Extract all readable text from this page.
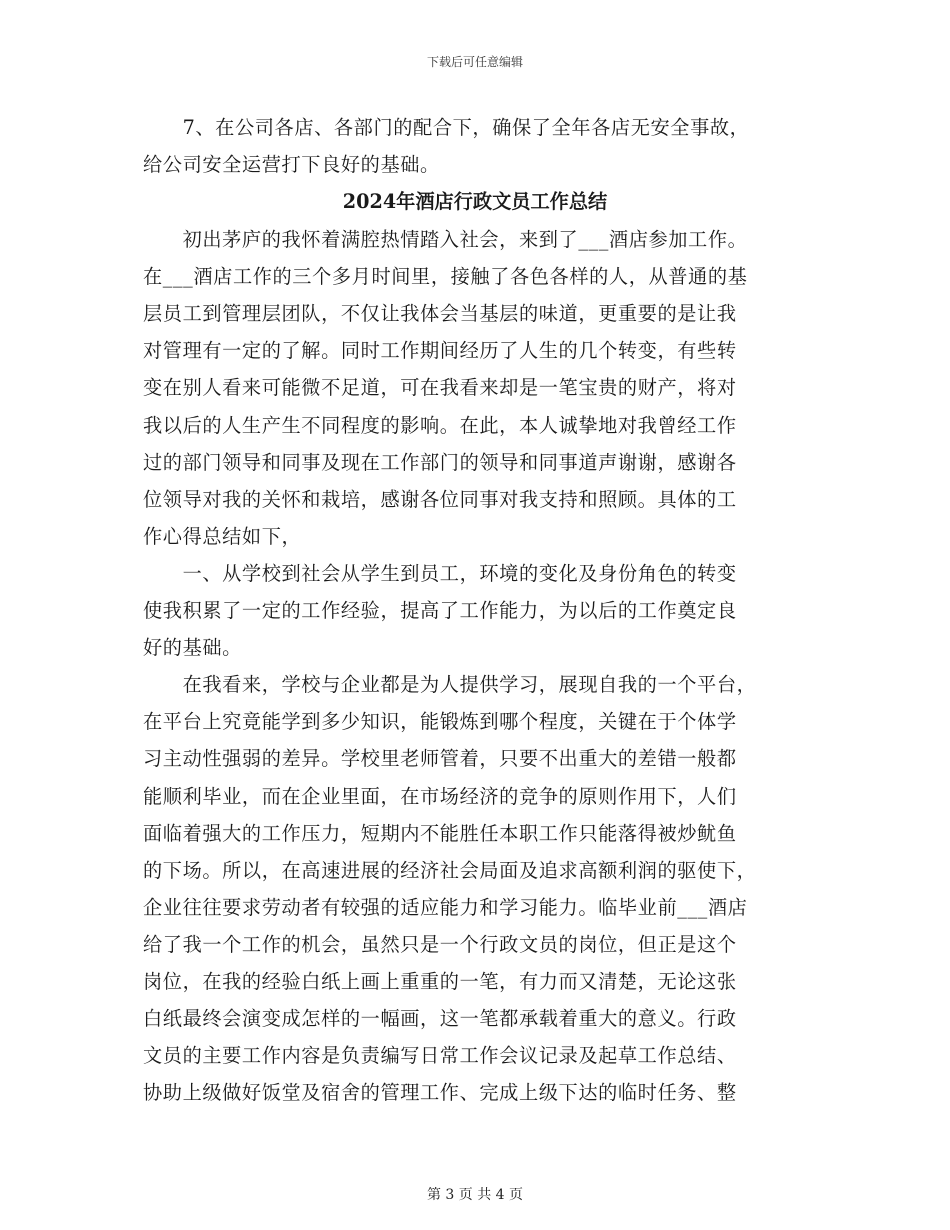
下载后可任意编辑
　　7、在公司各店、各部门的配合下，确保了全年各店无安全事故，
给公司安全运营打下良好的基础。
2024年酒店行政文员工作总结
　　初出茅庐的我怀着满腔热情踏入社会，来到了___酒店参加工作。
在___酒店工作的三个多月时间里，接触了各色各样的人，从普通的基
层员工到管理层团队，不仅让我体会当基层的味道，更重要的是让我
对管理有一定的了解。同时工作期间经历了人生的几个转变，有些转
变在别人看来可能微不足道，可在我看来却是一笔宝贵的财产，将对
我以后的人生产生不同程度的影响。在此，本人诚挚地对我曾经工作
过的部门领导和同事及现在工作部门的领导和同事道声谢谢，感谢各
位领导对我的关怀和栽培，感谢各位同事对我支持和照顾。具体的工
作心得总结如下，
　　一、从学校到社会从学生到员工，环境的变化及身份角色的转变
使我积累了一定的工作经验，提高了工作能力，为以后的工作奠定良
好的基础。
　　在我看来，学校与企业都是为人提供学习，展现自我的一个平台，
在平台上究竟能学到多少知识，能锻炼到哪个程度，关键在于个体学
习主动性强弱的差异。学校里老师管着，只要不出重大的差错一般都
能顺利毕业，而在企业里面，在市场经济的竞争的原则作用下，人们
面临着强大的工作压力，短期内不能胜任本职工作只能落得被炒鱿鱼
的下场。所以，在高速进展的经济社会局面及追求高额利润的驱使下，
企业往往要求劳动者有较强的适应能力和学习能力。临毕业前___酒店
给了我一个工作的机会，虽然只是一个行政文员的岗位，但正是这个
岗位，在我的经验白纸上画上重重的一笔，有力而又清楚，无论这张
白纸最终会演变成怎样的一幅画，这一笔都承载着重大的意义。行政
文员的主要工作内容是负责编写日常工作会议记录及起草工作总结、
协助上级做好饭堂及宿舍的管理工作、完成上级下达的临时任务、整
第 3 页 共 4 页
